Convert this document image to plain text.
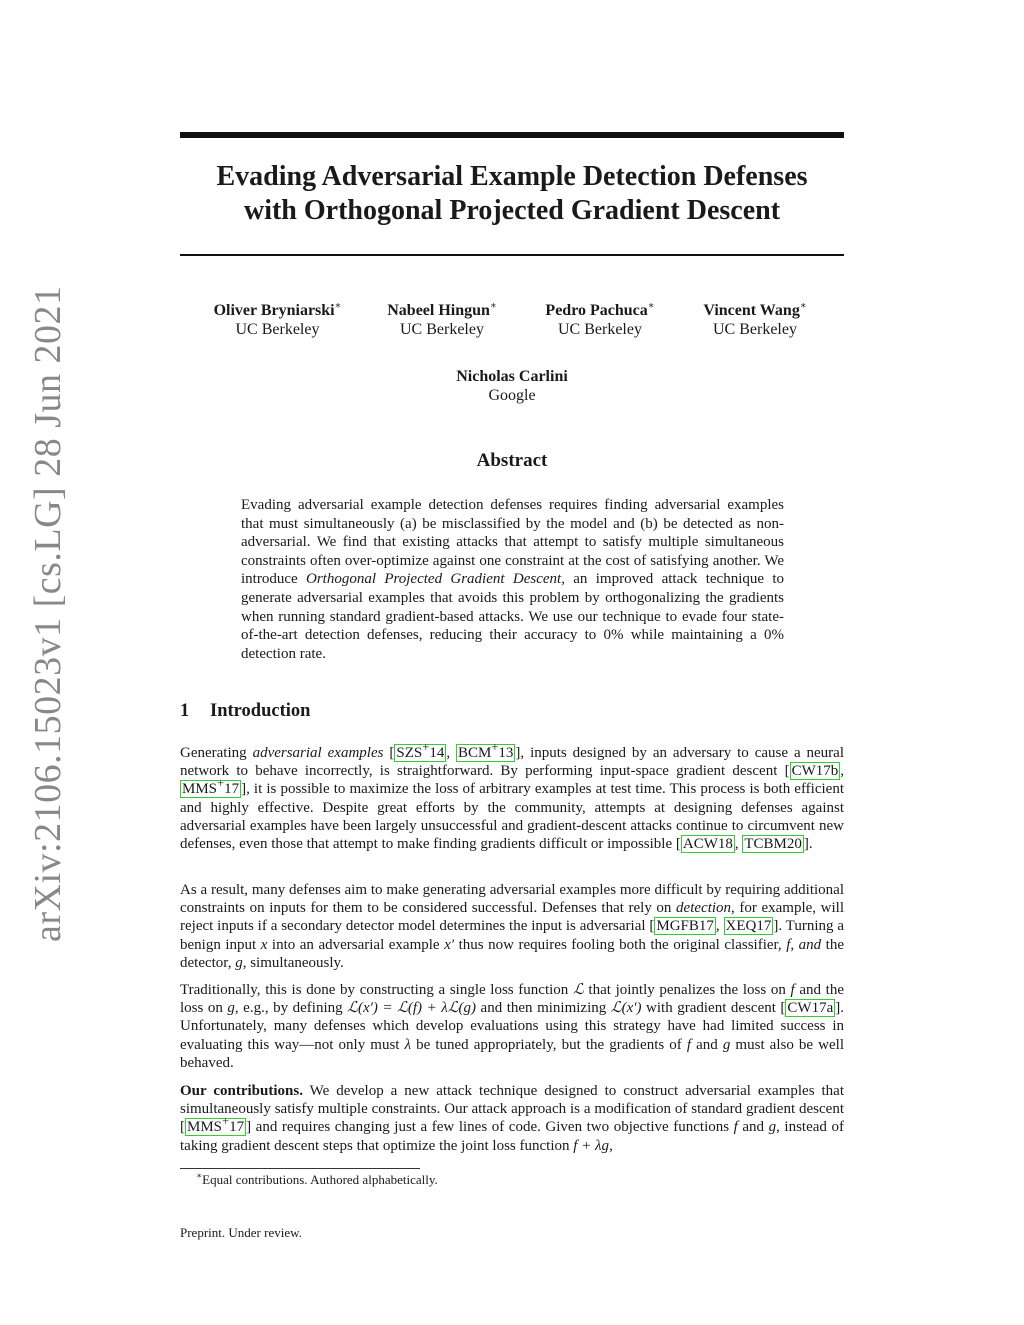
arXiv:2106.15023v1 [cs.LG] 28 Jun 2021
Evading Adversarial Example Detection Defenses
with Orthogonal Projected Gradient Descent
Oliver Bryniarski∗
UC Berkeley
Nabeel Hingun∗
UC Berkeley
Pedro Pachuca∗
UC Berkeley
Vincent Wang∗
UC Berkeley
Nicholas Carlini
Google
Abstract

Evading adversarial example detection defenses requires finding adversarial examples that must simultaneously (a) be misclassified by the model and (b) be detected as non-adversarial. We find that existing attacks that attempt to satisfy multiple simultaneous constraints often over-optimize against one constraint at the cost of satisfying another. We introduce Orthogonal Projected Gradient Descent, an improved attack technique to generate adversarial examples that avoids this problem by orthogonalizing the gradients when running standard gradient-based attacks. We use our technique to evade four state-of-the-art detection defenses, reducing their accuracy to 0% while maintaining a 0% detection rate.

1 Introduction

Generating adversarial examples [ SZS+14 , BCM+13 ], inputs designed by an adversary to cause a neural network to behave incorrectly, is straightforward. By performing input-space gradient descent [ CW17b , MMS+17 ], it is possible to maximize the loss of arbitrary examples at test time. This process is both efficient and highly effective. Despite great efforts by the community, attempts at designing defenses against adversarial examples have been largely unsuccessful and gradient-descent attacks continue to circumvent new defenses, even those that attempt to make finding gradients difficult or impossible [ ACW18 , TCBM20 ].

As a result, many defenses aim to make generating adversarial examples more difficult by requiring additional constraints on inputs for them to be considered successful. Defenses that rely on detection, for example, will reject inputs if a secondary detector model determines the input is adversarial [ MGFB17 , XEQ17 ]. Turning a benign input x into an adversarial example x′ thus now requires fooling both the original classifier, f, and the detector, g, simultaneously.

Traditionally, this is done by constructing a single loss function ℒ that jointly penalizes the loss on f and the loss on g, e.g., by defining ℒ(x′) = ℒ(f) + λℒ(g) and then minimizing ℒ(x′) with gradient descent [ CW17a ]. Unfortunately, many defenses which develop evaluations using this strategy have had limited success in evaluating this way—not only must λ be tuned appropriately, but the gradients of f and g must also be well behaved.

Our contributions. We develop a new attack technique designed to construct adversarial examples that simultaneously satisfy multiple constraints. Our attack approach is a modification of standard gradient descent [ MMS+17 ] and requires changing just a few lines of code. Given two objective functions f and g, instead of taking gradient descent steps that optimize the joint loss function f + λg,

∗Equal contributions. Authored alphabetically.

Preprint. Under review.
